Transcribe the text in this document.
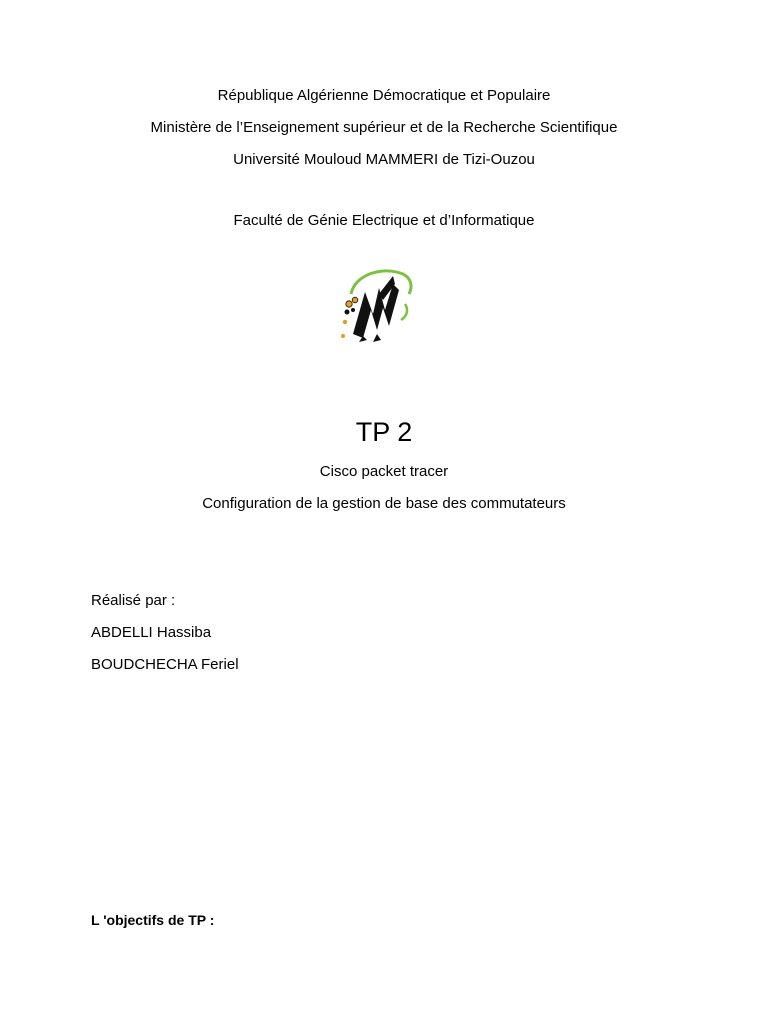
République Algérienne Démocratique et Populaire
Ministère de l’Enseignement supérieur et de la Recherche Scientifique
Université Mouloud MAMMERI de Tizi-Ouzou
Faculté de Génie Electrique et d’Informatique
TP 2
Cisco packet tracer
Configuration de la gestion de base des commutateurs
Réalisé par :
ABDELLI Hassiba
BOUDCHECHA Feriel
L 'objectifs de TP :
